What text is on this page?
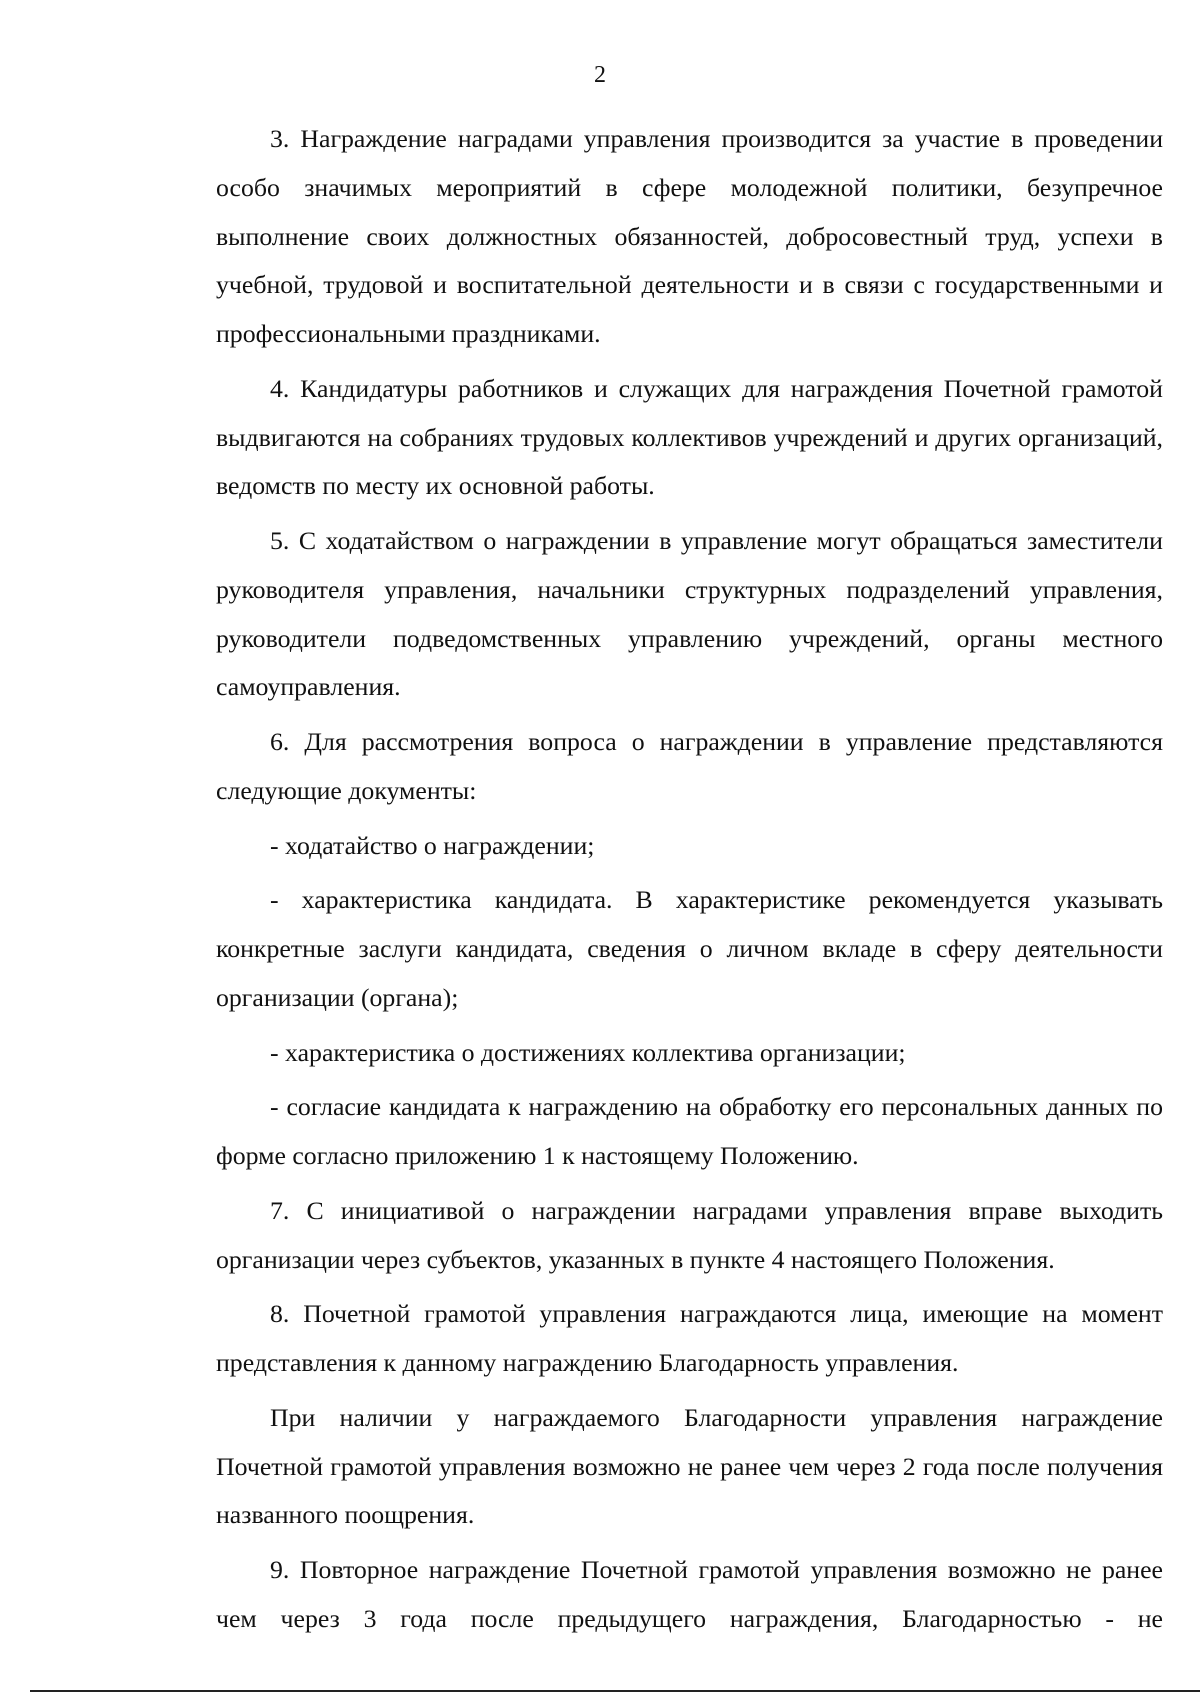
2

3. Награждение наградами управления производится за участие в проведении особо значимых мероприятий в сфере молодежной политики, безупречное выполнение своих должностных обязанностей, добросовестный труд, успехи в учебной, трудовой и воспитательной деятельности и в связи с государственными и профессиональными праздниками.

4. Кандидатуры работников и служащих для награждения Почетной грамотой выдвигаются на собраниях трудовых коллективов учреждений и других организаций, ведомств по месту их основной работы.

5. С ходатайством о награждении в управление могут обращаться заместители руководителя управления, начальники структурных подразделений управления, руководители подведомственных управлению учреждений, органы местного самоуправления.

6. Для рассмотрения вопроса о награждении в управление представляются следующие документы:

- ходатайство о награждении;

- характеристика кандидата. В характеристике рекомендуется указывать конкретные заслуги кандидата, сведения о личном вкладе в сферу деятельности организации (органа);

- характеристика о достижениях коллектива организации;

- согласие кандидата к награждению на обработку его персональных данных по форме согласно приложению 1 к настоящему Положению.

7. С инициативой о награждении наградами управления вправе выходить организации через субъектов, указанных в пункте 4 настоящего Положения.

8. Почетной грамотой управления награждаются лица, имеющие на момент представления к данному награждению Благодарность управления.

При наличии у награждаемого Благодарности управления награждение Почетной грамотой управления возможно не ранее чем через 2 года после получения названного поощрения.

9. Повторное награждение Почетной грамотой управления возможно не ранее чем через 3 года после предыдущего награждения, Благодарностью - не
